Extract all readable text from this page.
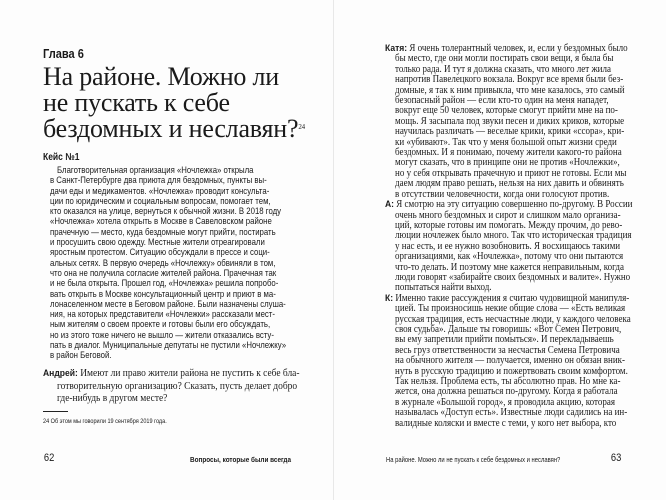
Глава 6
На районе. Можно ли
не пускать к себе
бездомных и неславян?$^{24}$
Кейс №1
Благотворительная организация «Ночлежка» открыла
в Санкт-Петербурге два приюта для бездомных, пункты вы-
дачи еды и медикаментов. «Ночлежка» проводит консульта-
ции по юридическим и социальным вопросам, помогает тем,
кто оказался на улице, вернуться к обычной жизни. В 2018 году
«Ночлежка» хотела открыть в Москве в Савеловском районе
прачечную — место, куда бездомные могут прийти, постирать
и просушить свою одежду. Местные жители отреагировали
яростным протестом. Ситуацию обсуждали в прессе и соци-
альных сетях. В первую очередь «Ночлежку» обвиняли в том,
что она не получила согласие жителей района. Прачечная так
и не была открыта. Прошел год, «Ночлежка» решила попробо-
вать открыть в Москве консультационный центр и приют в ма-
лонаселенном месте в Беговом районе. Были назначены слуша-
ния, на которых представители «Ночлежки» рассказали мест-
ным жителям о своем проекте и готовы были его обсуждать,
но из этого тоже ничего не вышло — жители отказались всту-
пать в диалог. Муниципальные депутаты не пустили «Ночлежку»
в район Беговой.
Андрей: Имеют ли право жители района не пустить к себе бла-
готворительную организацию? Сказать, пусть делает добро
где-нибудь в другом месте?
24 Об этом мы говорили 19 сентября 2019 года.
62	Вопросы, которые были всегда	На районе. Можно ли не пускать к себе бездомных и неславян?	63
Катя: Я очень толерантный человек, и, если у бездомных было
бы место, где они могли постирать свои вещи, я была бы
только рада. И тут я должна сказать, что много лет жила
напротив Павелецкого вокзала. Вокруг все время были без-
домные, я так к ним привыкла, что мне казалось, это самый
безопасный район — если кто-то один на меня нападет,
вокруг еще 50 человек, которые смогут прийти мне на по-
мощь. Я засыпала под звуки песен и диких криков, которые
научилась различать — веселые крики, крики «ссора», кри-
ки «убивают». Так что у меня большой опыт жизни среди
бездомных. И я понимаю, почему жители какого-то района
могут сказать, что в принципе они не против «Ночлежки»,
но у себя открывать прачечную и приют не готовы. Если мы
даем людям право решать, нельзя на них давить и обвинять
в отсутствии человечности, когда они голосуют против.
А: Я смотрю на эту ситуацию совершенно по-другому. В России
очень много бездомных и сирот и слишком мало организа-
ций, которые готовы им помогать. Между прочим, до рево-
люции ночлежек было много. Так что историческая традиция
у нас есть, и ее нужно возобновить. Я восхищаюсь такими
организациями, как «Ночлежка», потому что они пытаются
что-то делать. И поэтому мне кажется неправильным, когда
люди говорят «забирайте своих бездомных и валите». Нужно
попытаться найти выход.
К: Именно такие рассуждения я считаю чудовищной манипуля-
цией. Ты произносишь некие общие слова — «Есть великая
русская традиция, есть несчастные люди, у каждого человека
своя судьба». Дальше ты говоришь: «Вот Семен Петрович,
вы ему запретили прийти помыться». И перекладываешь
весь груз ответственности за несчастья Семена Петровича
на обычного жителя — получается, именно он обязан вник-
нуть в русскую традицию и пожертвовать своим комфортом.
Так нельзя. Проблема есть, ты абсолютно прав. Но мне ка-
жется, она должна решаться по-другому. Когда я работала
в журнале «Большой город», я проводила акцию, которая
называлась «Доступ есть». Известные люди садились на ин-
валидные коляски и вместе с теми, у кого нет выбора, кто
